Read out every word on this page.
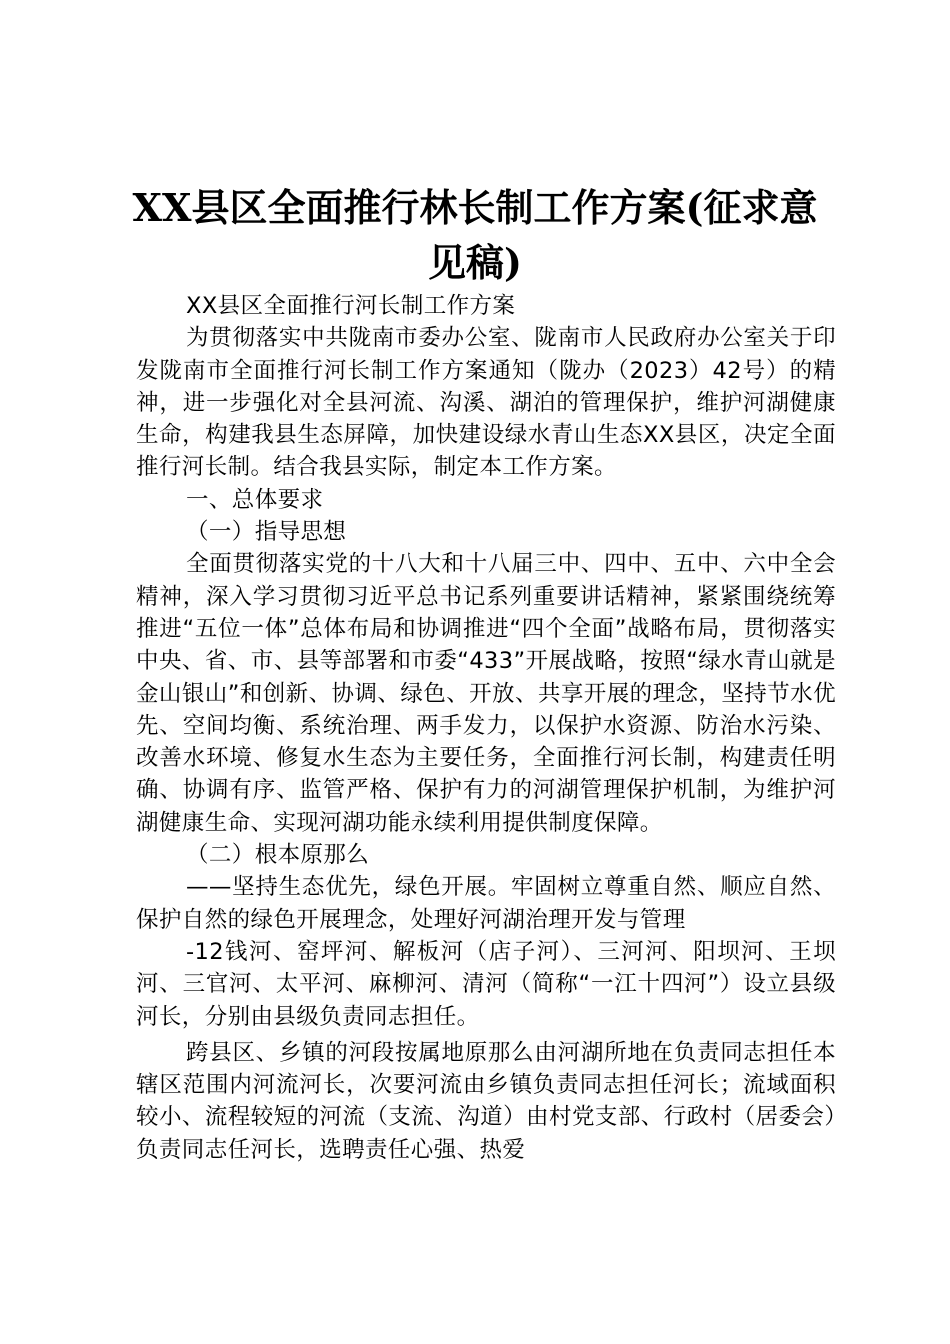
XX县区全面推行林长制工作方案(征求意见稿)

XX县区全面推行河长制工作方案

为贯彻落实中共陇南市委办公室、陇南市人民政府办公室关于印发陇南市全面推行河长制工作方案通知（陇办（2023）42号）的精神，进一步强化对全县河流、沟溪、湖泊的管理保护，维护河湖健康生命，构建我县生态屏障，加快建设绿水青山生态XX县区，决定全面推行河长制。结合我县实际，制定本工作方案。

一、总体要求

（一）指导思想

全面贯彻落实党的十八大和十八届三中、四中、五中、六中全会精神，深入学习贯彻习近平总书记系列重要讲话精神，紧紧围绕统筹推进“五位一体”总体布局和协调推进“四个全面”战略布局，贯彻落实中央、省、市、县等部署和市委“433”开展战略，按照“绿水青山就是金山银山”和创新、协调、绿色、开放、共享开展的理念，坚持节水优先、空间均衡、系统治理、两手发力，以保护水资源、防治水污染、改善水环境、修复水生态为主要任务，全面推行河长制，构建责任明确、协调有序、监管严格、保护有力的河湖管理保护机制，为维护河湖健康生命、实现河湖功能永续利用提供制度保障。

（二）根本原那么

——坚持生态优先，绿色开展。牢固树立尊重自然、顺应自然、保护自然的绿色开展理念，处理好河湖治理开发与管理

-12钱河、窑坪河、解板河（店子河）、三河河、阳坝河、王坝河、三官河、太平河、麻柳河、清河（简称“一江十四河”）设立县级河长，分别由县级负责同志担任。

跨县区、乡镇的河段按属地原那么由河湖所地在负责同志担任本辖区范围内河流河长，次要河流由乡镇负责同志担任河长；流域面积较小、流程较短的河流（支流、沟道）由村党支部、行政村（居委会）负责同志任河长，选聘责任心强、热爱
